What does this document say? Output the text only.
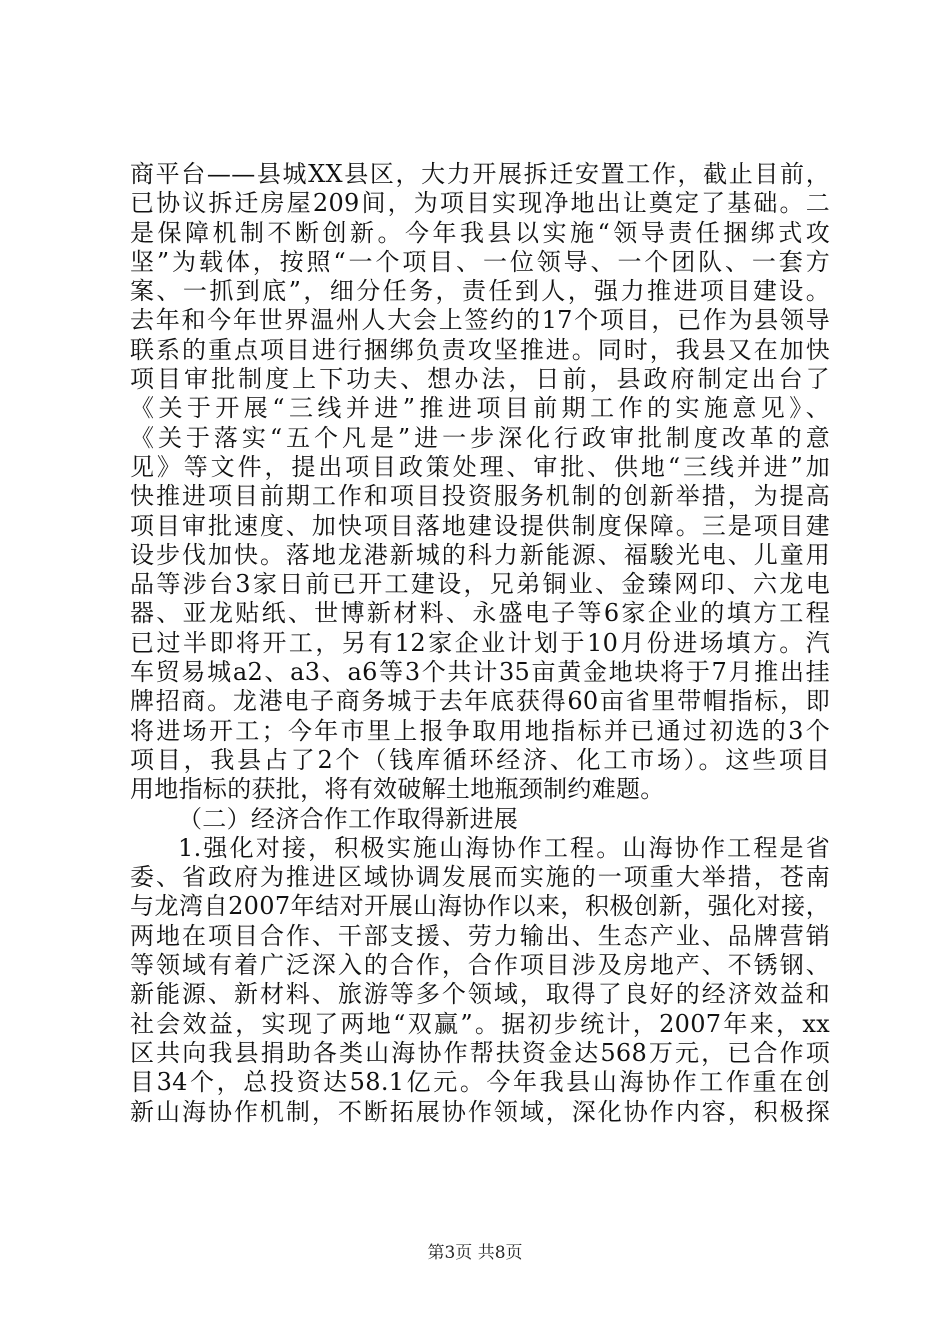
商平台——县城XX县区，大力开展拆迁安置工作，截止目前，
已协议拆迁房屋209间，为项目实现净地出让奠定了基础。二
是保障机制不断创新。今年我县以实施“领导责任捆绑式攻
坚”为载体，按照“一个项目、一位领导、一个团队、一套方
案、一抓到底”，细分任务，责任到人，强力推进项目建设。
去年和今年世界温州人大会上签约的17个项目，已作为县领导
联系的重点项目进行捆绑负责攻坚推进。同时，我县又在加快
项目审批制度上下功夫、想办法，日前，县政府制定出台了
《关于开展“三线并进”推进项目前期工作的实施意见》、
《关于落实“五个凡是”进一步深化行政审批制度改革的意
见》等文件，提出项目政策处理、审批、供地“三线并进”加
快推进项目前期工作和项目投资服务机制的创新举措，为提高
项目审批速度、加快项目落地建设提供制度保障。三是项目建
设步伐加快。落地龙港新城的科力新能源、福駿光电、儿童用
品等涉台3家日前已开工建设，兄弟铜业、金臻网印、六龙电
器、亚龙贴纸、世博新材料、永盛电子等6家企业的填方工程
已过半即将开工，另有12家企业计划于10月份进场填方。汽
车贸易城a2、a3、a6等3个共计35亩黄金地块将于7月推出挂
牌招商。龙港电子商务城于去年底获得60亩省里带帽指标，即
将进场开工；今年市里上报争取用地指标并已通过初选的3个
项目，我县占了2个（钱库循环经济、化工市场）。这些项目
用地指标的获批，将有效破解土地瓶颈制约难题。
（二）经济合作工作取得新进展
1.强化对接，积极实施山海协作工程。山海协作工程是省
委、省政府为推进区域协调发展而实施的一项重大举措，苍南
与龙湾自2007年结对开展山海协作以来，积极创新，强化对接，
两地在项目合作、干部支援、劳力输出、生态产业、品牌营销
等领域有着广泛深入的合作，合作项目涉及房地产、不锈钢、
新能源、新材料、旅游等多个领域，取得了良好的经济效益和
社会效益，实现了两地“双赢”。据初步统计，2007年来，xx
区共向我县捐助各类山海协作帮扶资金达568万元，已合作项
目34个，总投资达58.1亿元。今年我县山海协作工作重在创
新山海协作机制，不断拓展协作领域，深化协作内容，积极探
第3页 共8页
